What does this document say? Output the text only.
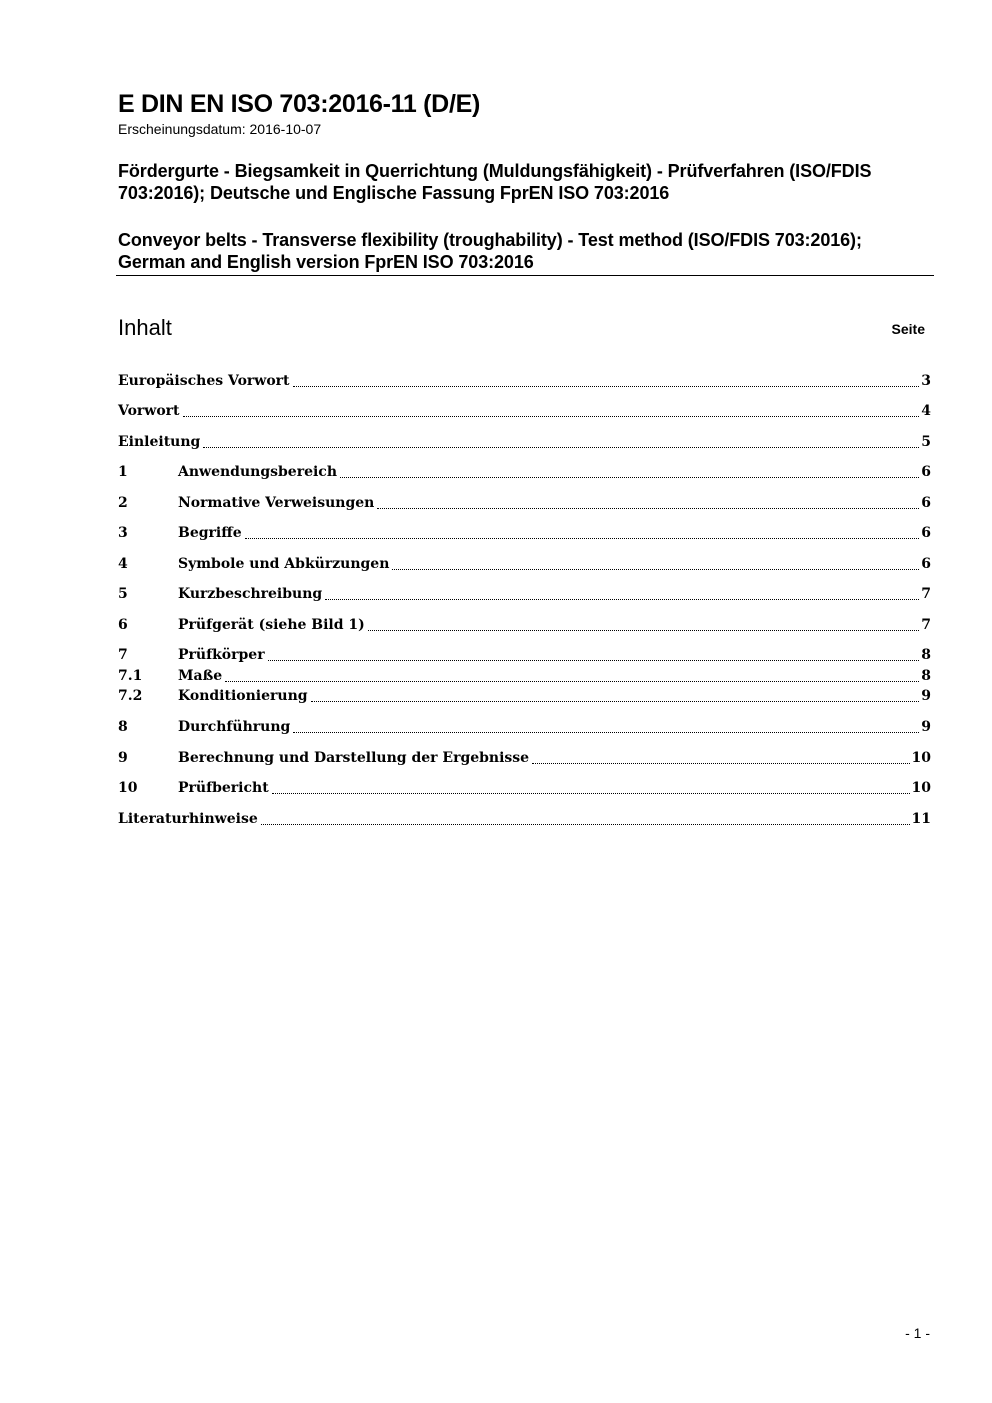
E DIN EN ISO 703:2016-11 (D/E)
Erscheinungsdatum: 2016-10-07
Fördergurte - Biegsamkeit in Querrichtung (Muldungsfähigkeit) - Prüfverfahren (ISO/FDIS 703:2016); Deutsche und Englische Fassung FprEN ISO 703:2016
Conveyor belts - Transverse flexibility (troughability) - Test method (ISO/FDIS 703:2016); German and English version FprEN ISO 703:2016
Inhalt	Seite
Europäisches Vorwort	3
Vorwort	4
Einleitung	5
1	Anwendungsbereich	6
2	Normative Verweisungen	6
3	Begriffe	6
4	Symbole und Abkürzungen	6
5	Kurzbeschreibung	7
6	Prüfgerät (siehe Bild 1)	7
7	Prüfkörper	8
7.1	Maße	8
7.2	Konditionierung	9
8	Durchführung	9
9	Berechnung und Darstellung der Ergebnisse	10
10	Prüfbericht	10
Literaturhinweise	11
- 1 -
